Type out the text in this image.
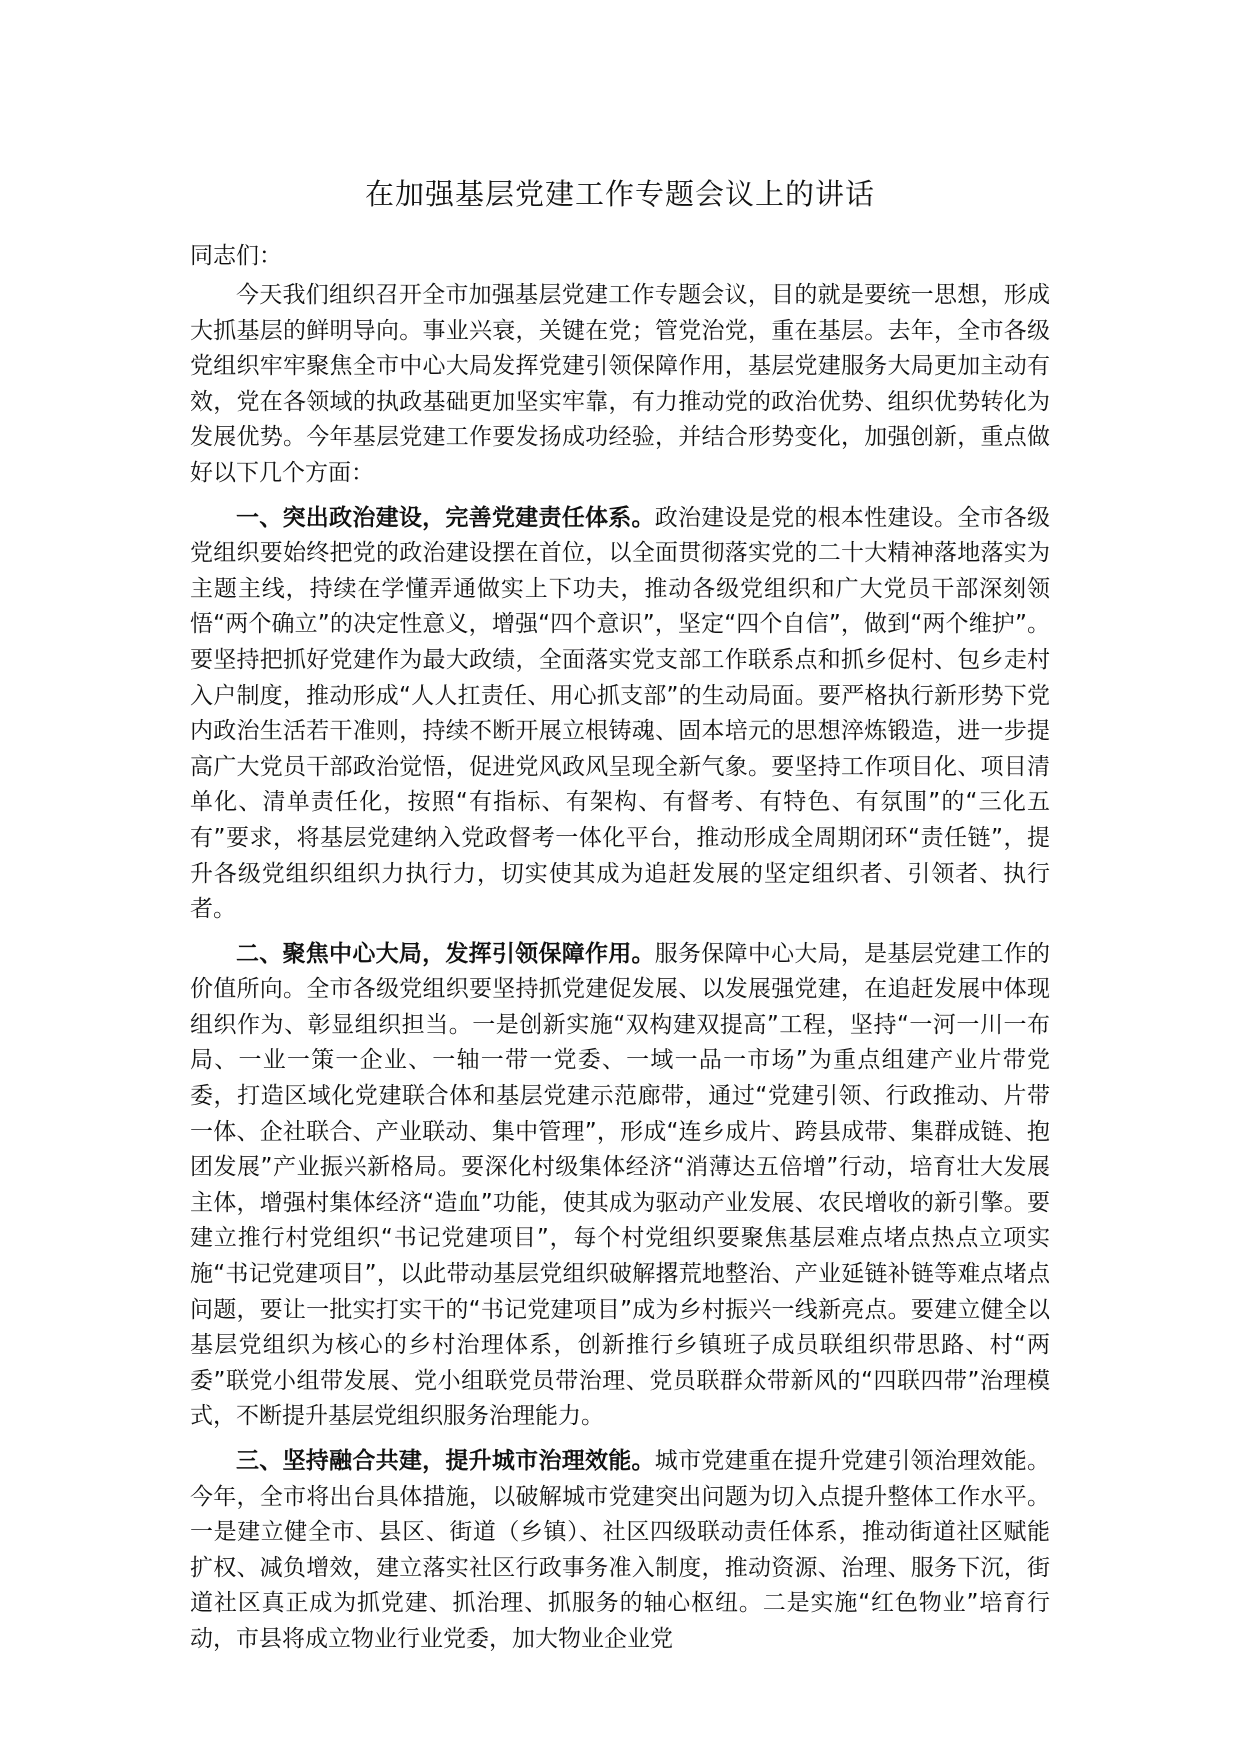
在加强基层党建工作专题会议上的讲话
同志们：

今天我们组织召开全市加强基层党建工作专题会议，目的就是要统一思想，形成大抓基层的鲜明导向。事业兴衰，关键在党；管党治党，重在基层。去年，全市各级党组织牢牢聚焦全市中心大局发挥党建引领保障作用，基层党建服务大局更加主动有效，党在各领域的执政基础更加坚实牢靠，有力推动党的政治优势、组织优势转化为发展优势。今年基层党建工作要发扬成功经验，并结合形势变化，加强创新，重点做好以下几个方面：

一、突出政治建设，完善党建责任体系。政治建设是党的根本性建设。全市各级党组织要始终把党的政治建设摆在首位，以全面贯彻落实党的二十大精神落地落实为主题主线，持续在学懂弄通做实上下功夫，推动各级党组织和广大党员干部深刻领悟“两个确立”的决定性意义，增强“四个意识”，坚定“四个自信”，做到“两个维护”。要坚持把抓好党建作为最大政绩，全面落实党支部工作联系点和抓乡促村、包乡走村入户制度，推动形成“人人扛责任、用心抓支部”的生动局面。要严格执行新形势下党内政治生活若干准则，持续不断开展立根铸魂、固本培元的思想淬炼锻造，进一步提高广大党员干部政治觉悟，促进党风政风呈现全新气象。要坚持工作项目化、项目清单化、清单责任化，按照“有指标、有架构、有督考、有特色、有氛围”的“三化五有”要求，将基层党建纳入党政督考一体化平台，推动形成全周期闭环“责任链”，提升各级党组织组织力执行力，切实使其成为追赶发展的坚定组织者、引领者、执行者。

二、聚焦中心大局，发挥引领保障作用。服务保障中心大局，是基层党建工作的价值所向。全市各级党组织要坚持抓党建促发展、以发展强党建，在追赶发展中体现组织作为、彰显组织担当。一是创新实施“双构建双提高”工程，坚持“一河一川一布局、一业一策一企业、一轴一带一党委、一域一品一市场”为重点组建产业片带党委，打造区域化党建联合体和基层党建示范廊带，通过“党建引领、行政推动、片带一体、企社联合、产业联动、集中管理”，形成“连乡成片、跨县成带、集群成链、抱团发展”产业振兴新格局。要深化村级集体经济“消薄达五倍增”行动，培育壮大发展主体，增强村集体经济“造血”功能，使其成为驱动产业发展、农民增收的新引擎。要建立推行村党组织“书记党建项目”，每个村党组织要聚焦基层难点堵点热点立项实施“书记党建项目”，以此带动基层党组织破解撂荒地整治、产业延链补链等难点堵点问题，要让一批实打实干的“书记党建项目”成为乡村振兴一线新亮点。要建立健全以基层党组织为核心的乡村治理体系，创新推行乡镇班子成员联组织带思路、村“两委”联党小组带发展、党小组联党员带治理、党员联群众带新风的“四联四带”治理模式，不断提升基层党组织服务治理能力。

三、坚持融合共建，提升城市治理效能。城市党建重在提升党建引领治理效能。今年，全市将出台具体措施，以破解城市党建突出问题为切入点提升整体工作水平。一是建立健全市、县区、街道（乡镇）、社区四级联动责任体系，推动街道社区赋能扩权、减负增效，建立落实社区行政事务准入制度，推动资源、治理、服务下沉，街道社区真正成为抓党建、抓治理、抓服务的轴心枢纽。二是实施“红色物业”培育行动，市县将成立物业行业党委，加大物业企业党
